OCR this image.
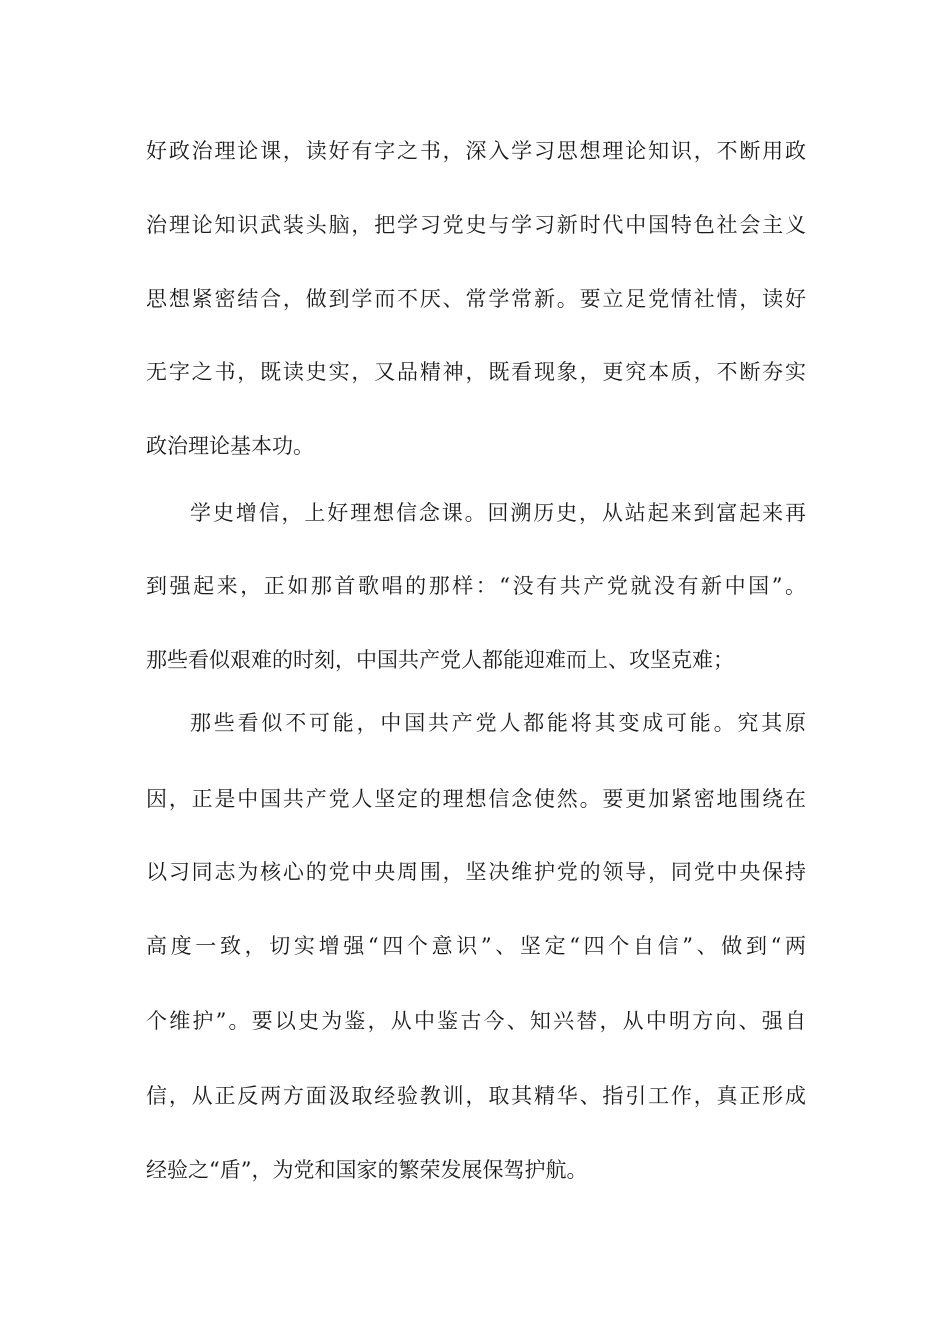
好政治理论课，读好有字之书，深入学习思想理论知识，不断用政

治理论知识武装头脑，把学习党史与学习新时代中国特色社会主义

思想紧密结合，做到学而不厌、常学常新。要立足党情社情，读好

无字之书，既读史实，又品精神，既看现象，更究本质，不断夯实

政治理论基本功。

学史增信，上好理想信念课。回溯历史，从站起来到富起来再

到强起来，正如那首歌唱的那样：“没有共产党就没有新中国”。

那些看似艰难的时刻，中国共产党人都能迎难而上、攻坚克难；

那些看似不可能，中国共产党人都能将其变成可能。究其原

因，正是中国共产党人坚定的理想信念使然。要更加紧密地围绕在

以习同志为核心的党中央周围，坚决维护党的领导，同党中央保持

高度一致，切实增强“四个意识”、坚定“四个自信”、做到“两

个维护”。要以史为鉴，从中鉴古今、知兴替，从中明方向、强自

信，从正反两方面汲取经验教训，取其精华、指引工作，真正形成

经验之“盾”，为党和国家的繁荣发展保驾护航。
